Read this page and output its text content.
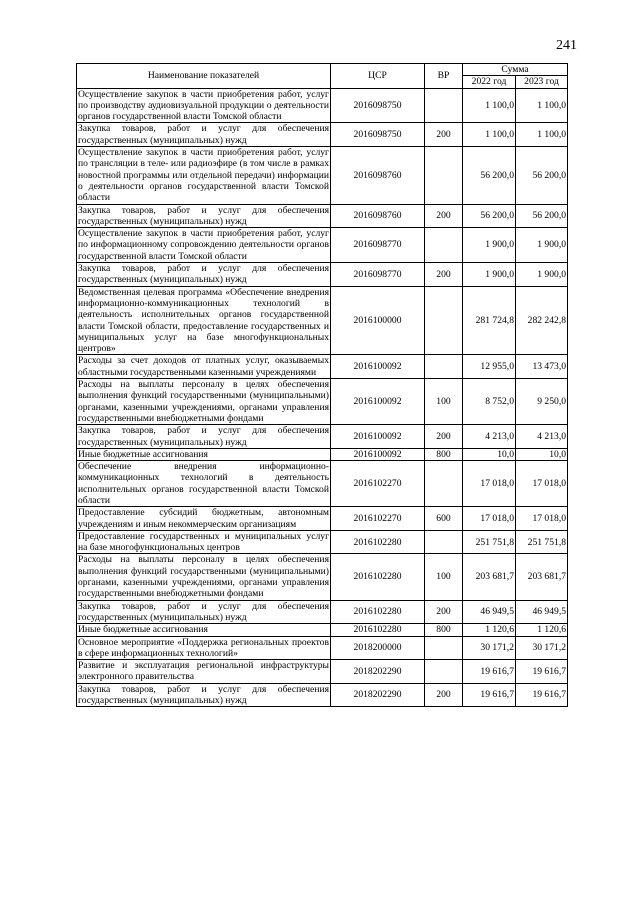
241
Наименование показателей	ЦСР	ВР	Сумма	
			2022 год	2023 год
Осуществление закупок в части приобретения работ, услуг по производству аудиовизуальной продукции о деятельности органов государственной власти Томской области	2016098750		1 100,0	1 100,0
Закупка товаров, работ и услуг для обеспечения государственных (муниципальных) нужд	2016098750	200	1 100,0	1 100,0
Осуществление закупок в части приобретения работ, услуг по трансляции в теле- или радиоэфире (в том числе в рамках новостной программы или отдельной передачи) информации о деятельности органов государственной власти Томской области	2016098760		56 200,0	56 200,0
Закупка товаров, работ и услуг для обеспечения государственных (муниципальных) нужд	2016098760	200	56 200,0	56 200,0
Осуществление закупок в части приобретения работ, услуг по информационному сопровождению деятельности органов государственной власти Томской области	2016098770		1 900,0	1 900,0
Закупка товаров, работ и услуг для обеспечения государственных (муниципальных) нужд	2016098770	200	1 900,0	1 900,0
Ведомственная целевая программа «Обеспечение внедрения информационно-коммуникационных технологий в деятельность исполнительных органов государственной власти Томской области, предоставление государственных и муниципальных услуг на базе многофункциональных центров»	2016100000		281 724,8	282 242,8
Расходы за счет доходов от платных услуг, оказываемых областными государственными казенными учреждениями	2016100092		12 955,0	13 473,0
Расходы на выплаты персоналу в целях обеспечения выполнения функций государственными (муниципальными) органами, казенными учреждениями, органами управления государственными внебюджетными фондами	2016100092	100	8 752,0	9 250,0
Закупка товаров, работ и услуг для обеспечения государственных (муниципальных) нужд	2016100092	200	4 213,0	4 213,0
Иные бюджетные ассигнования	2016100092	800	10,0	10,0
Обеспечение внедрения информационно-коммуникационных технологий в деятельность исполнительных органов государственной власти Томской области	2016102270		17 018,0	17 018,0
Предоставление субсидий бюджетным, автономным учреждениям и иным некоммерческим организациям	2016102270	600	17 018,0	17 018,0
Предоставление государственных и муниципальных услуг на базе многофункциональных центров	2016102280		251 751,8	251 751,8
Расходы на выплаты персоналу в целях обеспечения выполнения функций государственными (муниципальными) органами, казенными учреждениями, органами управления государственными внебюджетными фондами	2016102280	100	203 681,7	203 681,7
Закупка товаров, работ и услуг для обеспечения государственных (муниципальных) нужд	2016102280	200	46 949,5	46 949,5
Иные бюджетные ассигнования	2016102280	800	1 120,6	1 120,6
Основное мероприятие «Поддержка региональных проектов в сфере информационных технологий»	2018200000		30 171,2	30 171,2
Развитие и эксплуатация региональной инфраструктуры электронного правительства	2018202290		19 616,7	19 616,7
Закупка товаров, работ и услуг для обеспечения государственных (муниципальных) нужд	2018202290	200	19 616,7	19 616,7
